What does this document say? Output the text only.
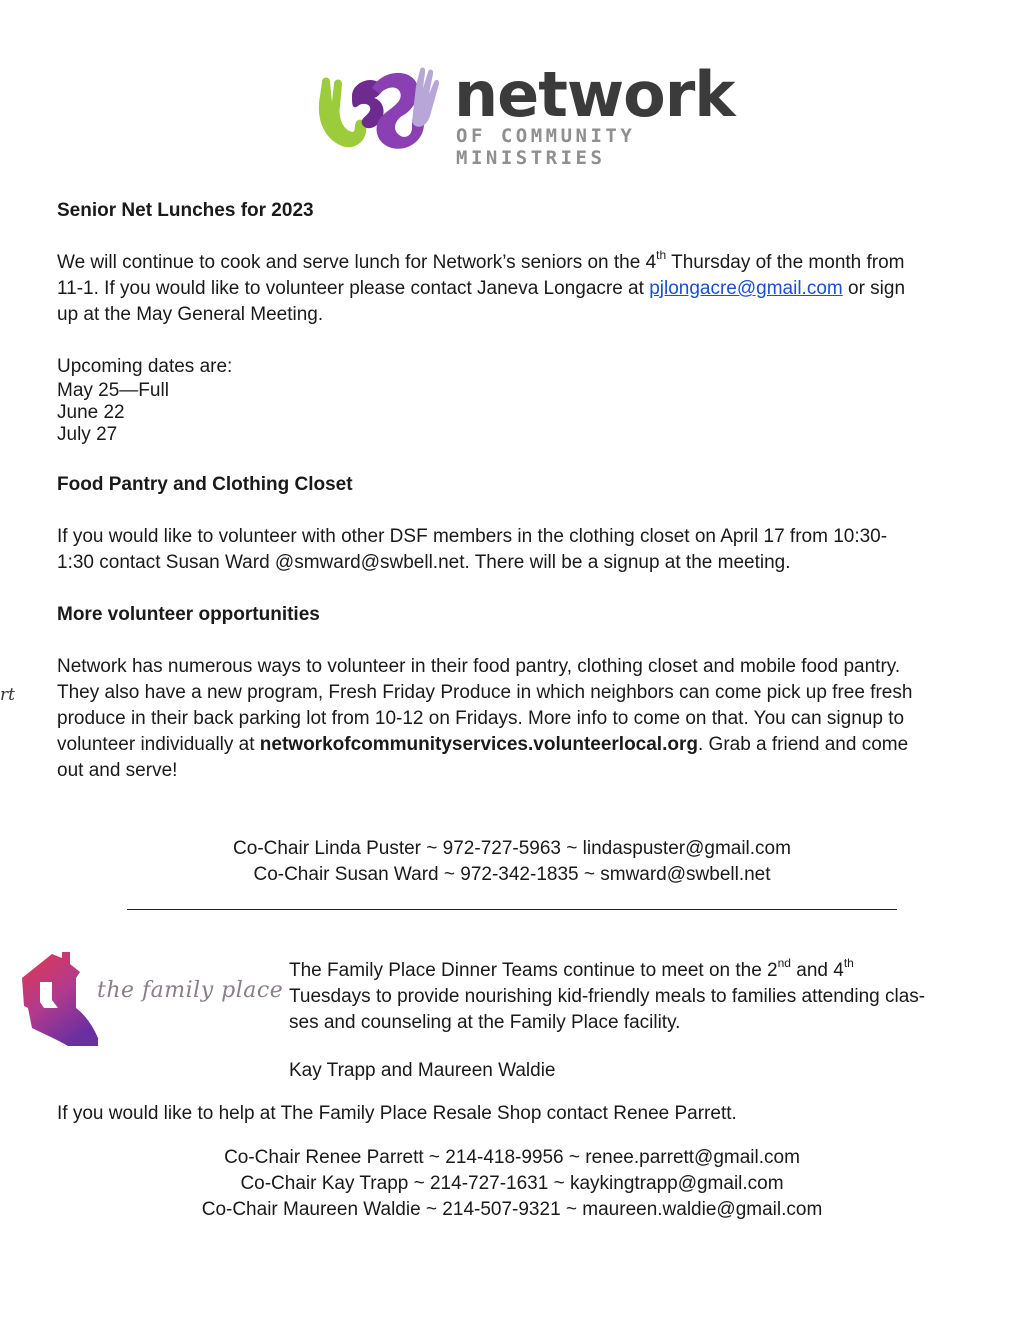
network
OF COMMUNITY MINISTRIES
Senior Net Lunches for 2023
We will continue to cook and serve lunch for Network’s seniors on the 4th Thursday of the month from
11-1. If you would like to volunteer please contact Janeva Longacre at pjlongacre@gmail.com or sign
up at the May General Meeting.
Upcoming dates are:
May 25—Full
June 22
July 27
Food Pantry and Clothing Closet
If you would like to volunteer with other DSF members in the clothing closet on April 17 from 10:30-
1:30 contact Susan Ward @smward@swbell.net. There will be a signup at the meeting.
More volunteer opportunities
rt
Network has numerous ways to volunteer in their food pantry, clothing closet and mobile food pantry.
They also have a new program, Fresh Friday Produce in which neighbors can come pick up free fresh
produce in their back parking lot from 10-12 on Fridays. More info to come on that. You can signup to
volunteer individually at networkofcommunityservices.volunteerlocal.org. Grab a friend and come
out and serve!
Co-Chair Linda Puster ~ 972-727-5963 ~ lindaspuster@gmail.com
Co-Chair Susan Ward ~ 972-342-1835 ~ smward@swbell.net
the family place
The Family Place Dinner Teams continue to meet on the 2nd and 4th
Tuesdays to provide nourishing kid-friendly meals to families attending clas-
ses and counseling at the Family Place facility.
Kay Trapp and Maureen Waldie
If you would like to help at The Family Place Resale Shop contact Renee Parrett.
Co-Chair Renee Parrett ~ 214-418-9956 ~ renee.parrett@gmail.com
Co-Chair Kay Trapp ~ 214-727-1631 ~ kaykingtrapp@gmail.com
Co-Chair Maureen Waldie ~ 214-507-9321 ~ maureen.waldie@gmail.com
